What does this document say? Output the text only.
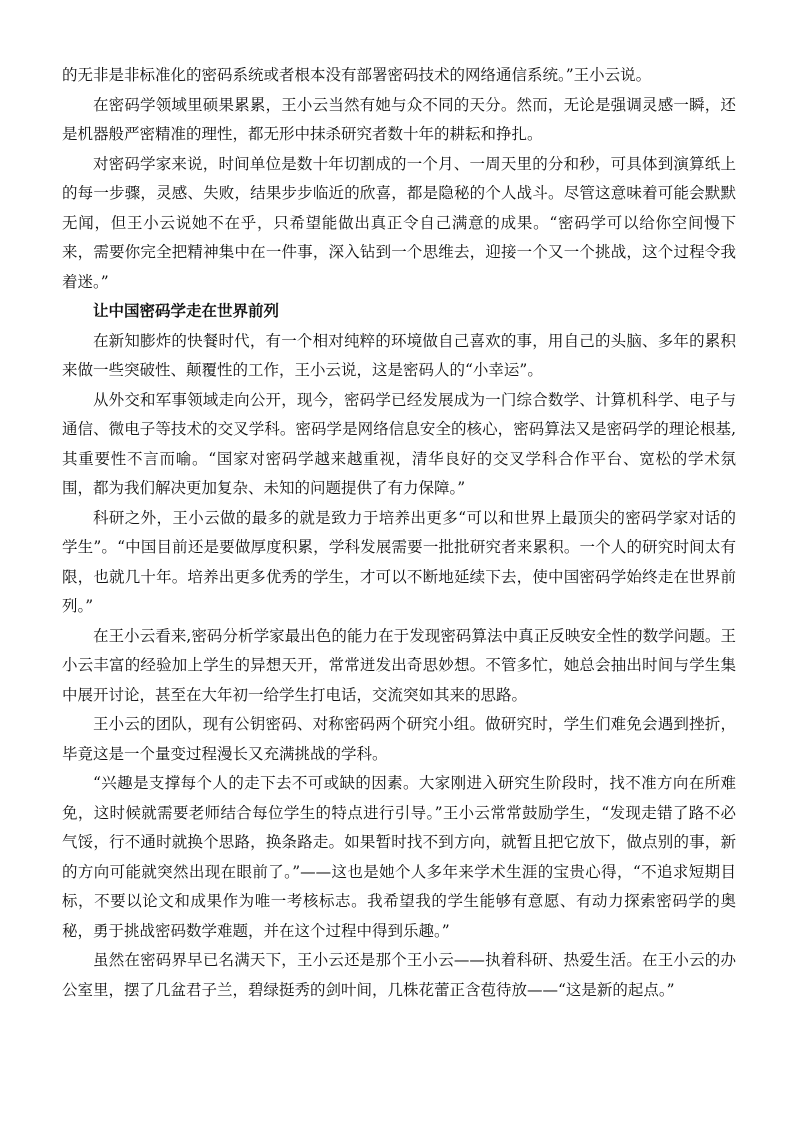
的无非是非标准化的密码系统或者根本没有部署密码技术的网络通信系统。”王小云说。

在密码学领域里硕果累累，王小云当然有她与众不同的天分。然而，无论是强调灵感一瞬，还是机器般严密精准的理性，都无形中抹杀研究者数十年的耕耘和挣扎。

对密码学家来说，时间单位是数十年切割成的一个月、一周天里的分和秒，可具体到演算纸上的每一步骤，灵感、失败，结果步步临近的欣喜，都是隐秘的个人战斗。尽管这意味着可能会默默无闻，但王小云说她不在乎，只希望能做出真正令自己满意的成果。“密码学可以给你空间慢下来，需要你完全把精神集中在一件事，深入钻到一个思维去，迎接一个又一个挑战，这个过程令我着迷。”

让中国密码学走在世界前列

在新知膨炸的快餐时代，有一个相对纯粹的环境做自己喜欢的事，用自己的头脑、多年的累积来做一些突破性、颠覆性的工作，王小云说，这是密码人的“小幸运”。

从外交和军事领域走向公开，现今，密码学已经发展成为一门综合数学、计算机科学、电子与通信、微电子等技术的交叉学科。密码学是网络信息安全的核心，密码算法又是密码学的理论根基,其重要性不言而喻。“国家对密码学越来越重视，清华良好的交叉学科合作平台、宽松的学术氛围，都为我们解决更加复杂、未知的问题提供了有力保障。”

科研之外，王小云做的最多的就是致力于培养出更多“可以和世界上最顶尖的密码学家对话的学生”。“中国目前还是要做厚度积累，学科发展需要一批批研究者来累积。一个人的研究时间太有限，也就几十年。培养出更多优秀的学生，才可以不断地延续下去，使中国密码学始终走在世界前列。”

在王小云看来,密码分析学家最出色的能力在于发现密码算法中真正反映安全性的数学问题。王小云丰富的经验加上学生的异想天开，常常迸发出奇思妙想。不管多忙，她总会抽出时间与学生集中展开讨论，甚至在大年初一给学生打电话，交流突如其来的思路。

王小云的团队，现有公钥密码、对称密码两个研究小组。做研究时，学生们难免会遇到挫折，毕竟这是一个量变过程漫长又充满挑战的学科。

“兴趣是支撑每个人的走下去不可或缺的因素。大家刚进入研究生阶段时，找不准方向在所难免，这时候就需要老师结合每位学生的特点进行引导。”王小云常常鼓励学生，“发现走错了路不必气馁，行不通时就换个思路，换条路走。如果暂时找不到方向，就暂且把它放下，做点别的事，新的方向可能就突然出现在眼前了。”——这也是她个人多年来学术生涯的宝贵心得，“不追求短期目标，不要以论文和成果作为唯一考核标志。我希望我的学生能够有意愿、有动力探索密码学的奥秘，勇于挑战密码数学难题，并在这个过程中得到乐趣。”

虽然在密码界早已名满天下，王小云还是那个王小云——执着科研、热爱生活。在王小云的办公室里，摆了几盆君子兰，碧绿挺秀的剑叶间，几株花蕾正含苞待放——“这是新的起点。”
